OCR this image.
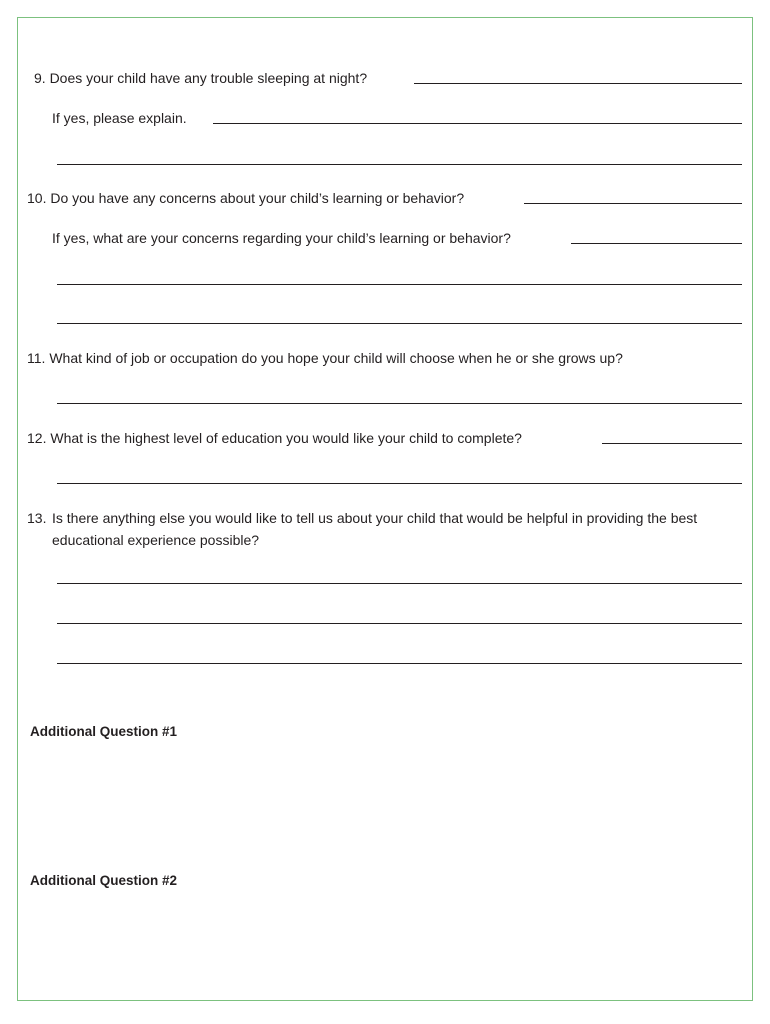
9. Does your child have any trouble sleeping at night?
If yes, please explain.
10. Do you have any concerns about your child’s learning or behavior?
If yes, what are your concerns regarding your child’s learning or behavior?
11. What kind of job or occupation do you hope your child will choose when he or she grows up?
12. What is the highest level of education you would like your child to complete?
13. Is there anything else you would like to tell us about your child that would be helpful in providing the best educational experience possible?
Additional Question #1
Additional Question #2
